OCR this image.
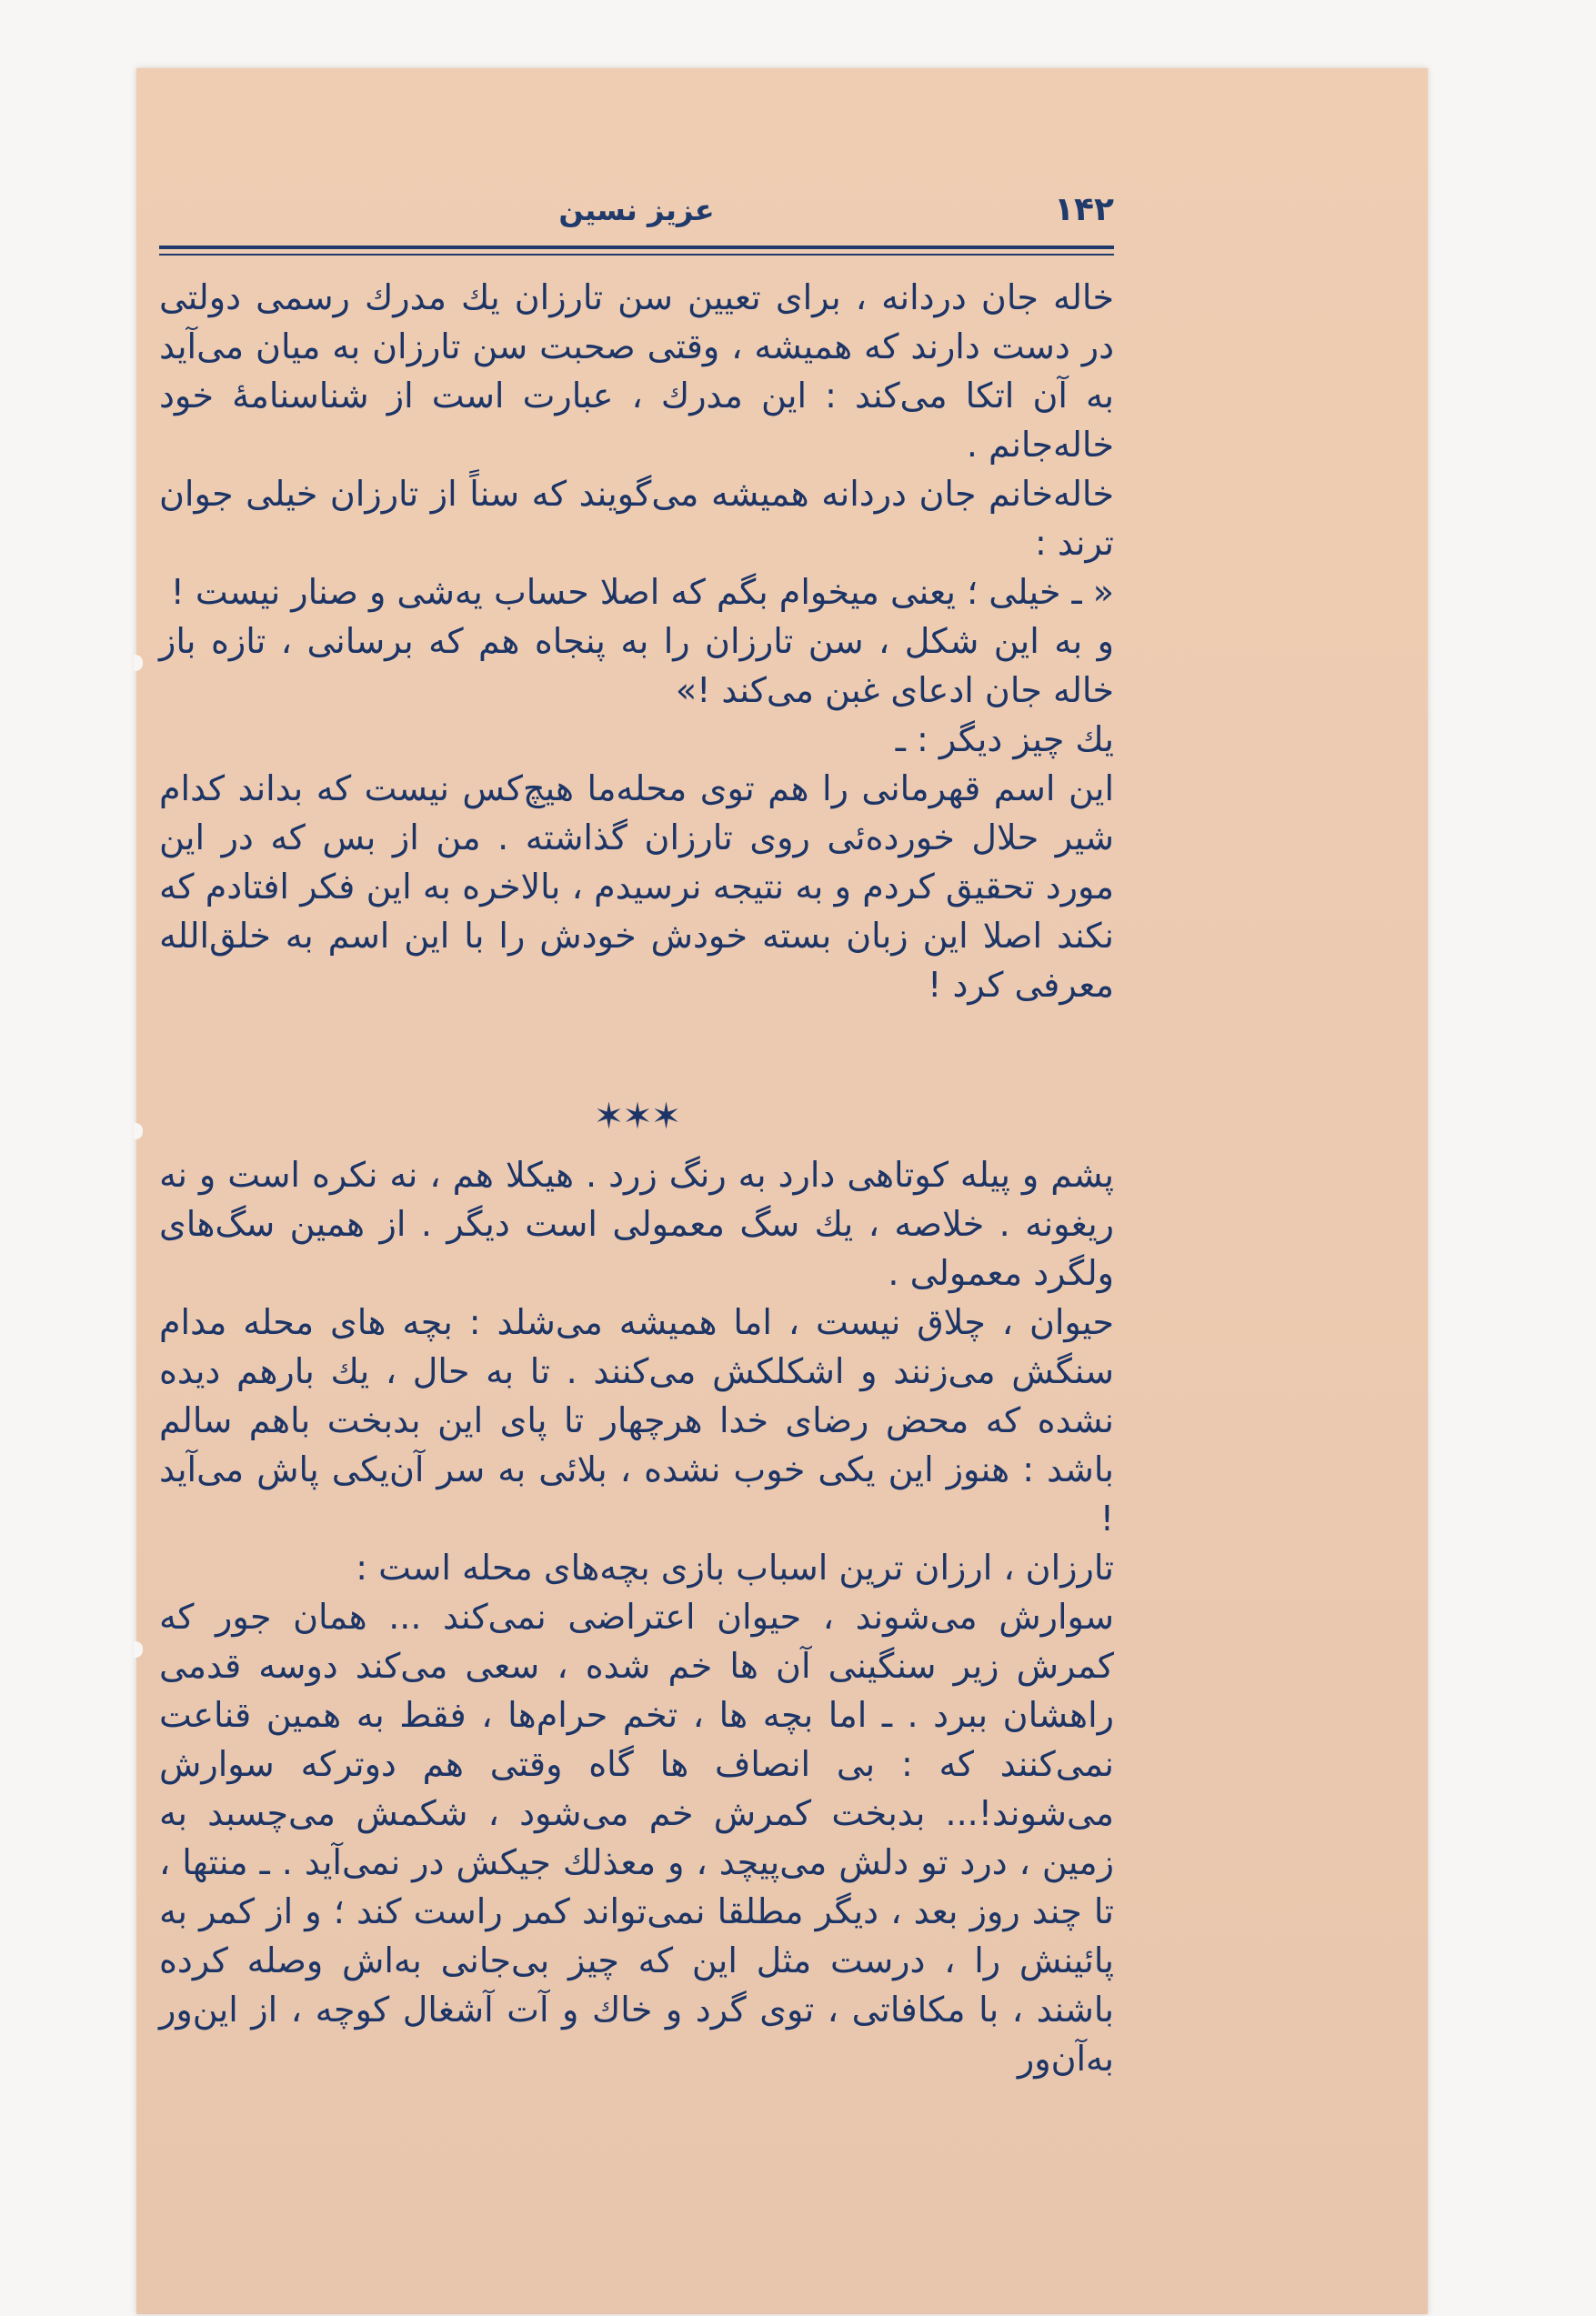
۱۴۲
عزیز نسین

خاله جان دردانه ، برای تعیین سن تارزان یك مدرك رسمی دولتی در دست دارند كه همیشه ، وقتی صحبت سن تارزان به میان می‌آید به آن اتكا می‌كند : این مدرك ، عبارت است از شناسنامهٔ خود خاله‌جانم .

خاله‌خانم جان دردانه همیشه می‌گویند كه سناً از تارزان خیلی جوان ترند :

« ـ خیلی ؛ یعنی میخوام بگم كه اصلا حساب یه‌شی و صنار نیست !

و به این شكل ، سن تارزان را به پنجاه هم كه برسانی ، تازه باز خاله جان ادعای غبن می‌كند !»

یك چیز دیگر : ـ

این اسم قهرمانی را هم توی محله‌ما هیچ‌كس نیست كه بداند كدام شیر حلال خورده‌ئی روی تارزان گذاشته . من از بس كه در این مورد تحقیق كردم و به نتیجه نرسیدم ، بالاخره به این فكر افتادم كه نكند اصلا این زبان بسته خودش خودش را با این اسم به خلق‌الله معرفی كرد !

✶✶✶

پشم و پیله كوتاهی دارد به رنگ زرد . هیكلا هم ، نه نكره است و نه ریغونه . خلاصه ، یك سگ معمولی است دیگر . از همین سگ‌های ولگرد معمولی .

حیوان ، چلاق نیست ، اما همیشه می‌شلد : بچه های محله مدام سنگش می‌زنند و اشكلكش می‌كنند . تا به حال ، یك بارهم دیده نشده كه محض رضای خدا هرچهار تا پای این بدبخت باهم سالم باشد : هنوز این یكی خوب نشده ، بلائی به سر آن‌یكی پاش می‌آید !

تارزان ، ارزان ترین اسباب بازی بچه‌های محله است :

سوارش می‌شوند ، حیوان اعتراضی نمی‌كند ... همان جور كه كمرش زیر سنگینی آن ها خم شده ، سعی می‌كند دوسه قدمی راهشان ببرد . ـ اما بچه ها ، تخم حرام‌ها ، فقط به همین قناعت نمی‌كنند كه : بی انصاف ها گاه وقتی هم دوتركه سوارش می‌شوند!... بدبخت كمرش خم می‌شود ، شكمش می‌چسبد به زمین ، درد تو دلش می‌پیچد ، و معذلك جیكش در نمی‌آید . ـ منتها ، تا چند روز بعد ، دیگر مطلقا نمی‌تواند كمر راست كند ؛ و از كمر به پائینش را ، درست مثل این كه چیز بی‌جانی به‌اش وصله كرده باشند ، با مكافاتی ، توی گرد و خاك و آت آشغال كوچه ، از این‌ور به‌آن‌ور
